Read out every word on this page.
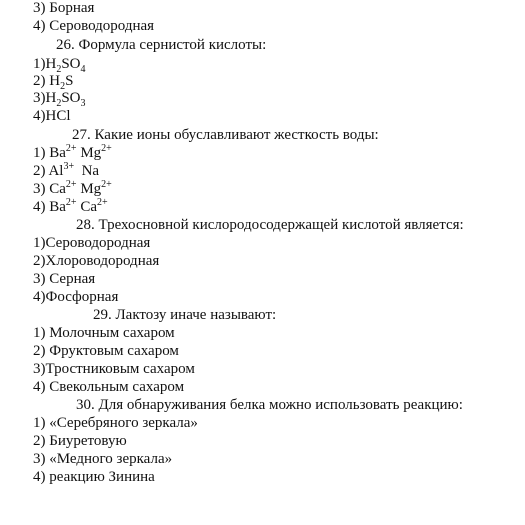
3) Борная
4) Сероводородная
26. Формула сернистой кислоты:
$1)H_2SO_4$
2) $H_2S$
$3)H_2SO_3$
4)HCl
27. Какие ионы обуславливают жесткость воды:
1) $Ba^{2+}$ $Mg^{2+}$
2) $Al^{3+}$ Na
3) $Ca^{2+}$ $Mg^{2+}$
4) $Ba^{2+}$ $Ca^{2+}$
28. Трехосновной кислородосодержащей кислотой является:
1)Сероводородная
2)Хлороводородная
3) Серная
4)Фосфорная
29. Лактозу иначе называют:
1) Молочным сахаром
2) Фруктовым сахаром
3)Тростниковым сахаром
4) Свекольным сахаром
30. Для обнаруживания белка можно использовать реакцию:
1) «Серебряного зеркала»
2) Биуретовую
3) «Медного зеркала»
4) реакцию Зинина
